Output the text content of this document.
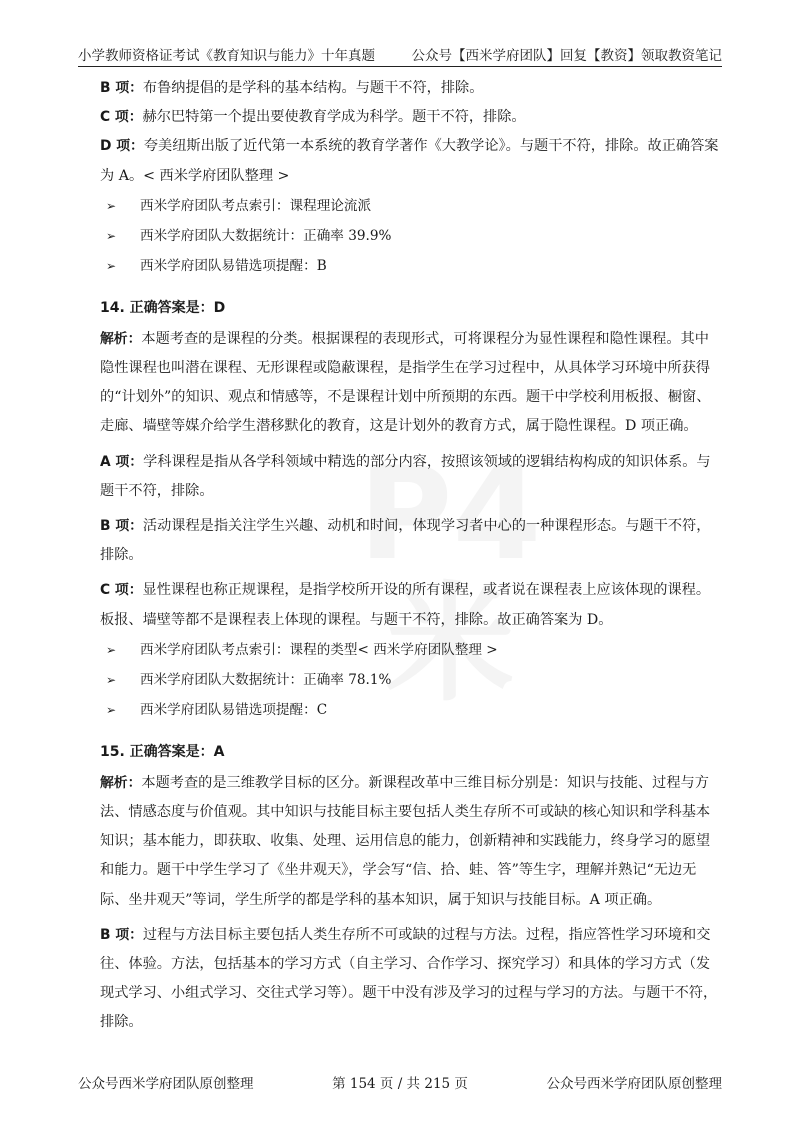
小学教师资格证考试《教育知识与能力》十年真题	公众号【西米学府团队】回复【教资】领取教资笔记

B 项：布鲁纳提倡的是学科的基本结构。与题干不符，排除。

C 项：赫尔巴特第一个提出要使教育学成为科学。题干不符，排除。

D 项：夸美纽斯出版了近代第一本系统的教育学著作《大教学论》。与题干不符，排除。故正确答案为 A。< 西米学府团队整理 >

➢ 西米学府团队考点索引：课程理论流派
➢ 西米学府团队大数据统计：正确率 39.9%
➢ 西米学府团队易错选项提醒：B
14. 正确答案是：D

解析：本题考查的是课程的分类。根据课程的表现形式，可将课程分为显性课程和隐性课程。其中隐性课程也叫潜在课程、无形课程或隐蔽课程，是指学生在学习过程中，从具体学习环境中所获得的“计划外”的知识、观点和情感等，不是课程计划中所预期的东西。题干中学校利用板报、橱窗、走廊、墙壁等媒介给学生潜移默化的教育，这是计划外的教育方式，属于隐性课程。D 项正确。

A 项：学科课程是指从各学科领域中精选的部分内容，按照该领域的逻辑结构构成的知识体系。与题干不符，排除。

B 项：活动课程是指关注学生兴趣、动机和时间，体现学习者中心的一种课程形态。与题干不符，排除。

C 项：显性课程也称正规课程，是指学校所开设的所有课程，或者说在课程表上应该体现的课程。板报、墙壁等都不是课程表上体现的课程。与题干不符，排除。故正确答案为 D。

➢ 西米学府团队考点索引：课程的类型< 西米学府团队整理 >
➢ 西米学府团队大数据统计：正确率 78.1%
➢ 西米学府团队易错选项提醒：C
15. 正确答案是：A

解析：本题考查的是三维教学目标的区分。新课程改革中三维目标分别是：知识与技能、过程与方法、情感态度与价值观。其中知识与技能目标主要包括人类生存所不可或缺的核心知识和学科基本知识；基本能力，即获取、收集、处理、运用信息的能力，创新精神和实践能力，终身学习的愿望和能力。题干中学生学习了《坐井观天》，学会写“信、拾、蛙、答”等生字，理解并熟记“无边无际、坐井观天”等词，学生所学的都是学科的基本知识，属于知识与技能目标。A 项正确。

B 项：过程与方法目标主要包括人类生存所不可或缺的过程与方法。过程，指应答性学习环境和交往、体验。方法，包括基本的学习方式（自主学习、合作学习、探究学习）和具体的学习方式（发现式学习、小组式学习、交往式学习等）。题干中没有涉及学习的过程与学习的方法。与题干不符，排除。

公众号西米学府团队原创整理	第 154 页 / 共 215 页	公众号西米学府团队原创整理
